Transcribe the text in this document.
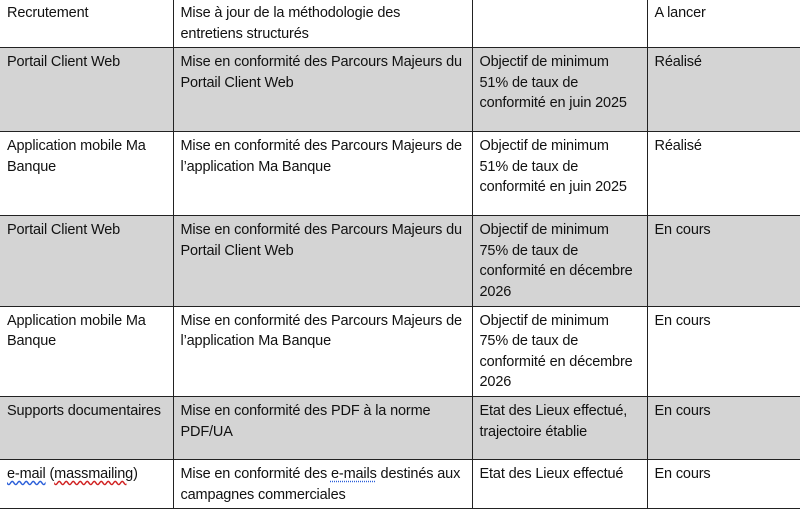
Recrutement	Mise à jour de la méthodologie des entretiens structurés		A lancer
Portail Client Web	Mise en conformité des Parcours Majeurs du Portail Client Web	Objectif de minimum 51% de taux de conformité en juin 2025	Réalisé
Application mobile Ma Banque	Mise en conformité des Parcours Majeurs de l’application Ma Banque	Objectif de minimum 51% de taux de conformité en juin 2025	Réalisé
Portail Client Web	Mise en conformité des Parcours Majeurs du Portail Client Web	Objectif de minimum 75% de taux de conformité en décembre 2026	En cours
Application mobile Ma Banque	Mise en conformité des Parcours Majeurs de l’application Ma Banque	Objectif de minimum 75% de taux de conformité en décembre 2026	En cours
Supports documentaires	Mise en conformité des PDF à la norme PDF/UA	Etat des Lieux effectué, trajectoire établie	En cours
e-mail (massmailing)	Mise en conformité des e-mails destinés aux campagnes commerciales	Etat des Lieux effectué	En cours
